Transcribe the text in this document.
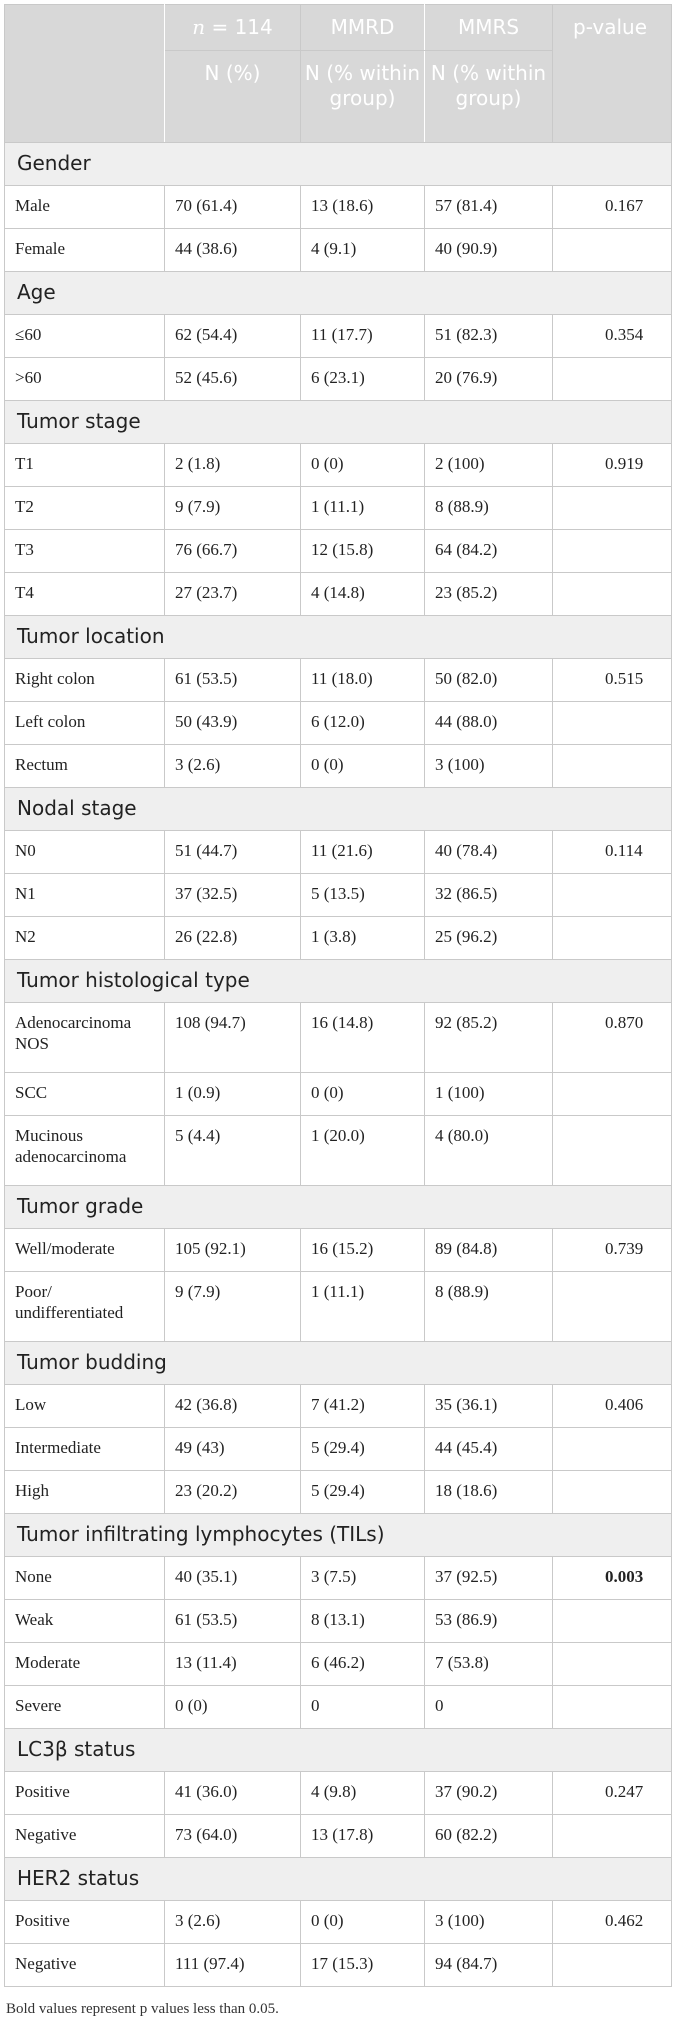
	n = 114	MMRD	MMRS	p-value
	N (%)	N (% within group)	N (% within group)	
Gender				
Male	70 (61.4)	13 (18.6)	57 (81.4)	0.167
Female	44 (38.6)	4 (9.1)	40 (90.9)	
Age				
≤60	62 (54.4)	11 (17.7)	51 (82.3)	0.354
>60	52 (45.6)	6 (23.1)	20 (76.9)	
Tumor stage				
T1	2 (1.8)	0 (0)	2 (100)	0.919
T2	9 (7.9)	1 (11.1)	8 (88.9)	
T3	76 (66.7)	12 (15.8)	64 (84.2)	
T4	27 (23.7)	4 (14.8)	23 (85.2)	
Tumor location				
Right colon	61 (53.5)	11 (18.0)	50 (82.0)	0.515
Left colon	50 (43.9)	6 (12.0)	44 (88.0)	
Rectum	3 (2.6)	0 (0)	3 (100)	
Nodal stage				
N0	51 (44.7)	11 (21.6)	40 (78.4)	0.114
N1	37 (32.5)	5 (13.5)	32 (86.5)	
N2	26 (22.8)	1 (3.8)	25 (96.2)	
Tumor histological type				
Adenocarcinoma NOS	108 (94.7)	16 (14.8)	92 (85.2)	0.870
SCC	1 (0.9)	0 (0)	1 (100)	
Mucinous adenocarcinoma	5 (4.4)	1 (20.0)	4 (80.0)	
Tumor grade				
Well/moderate	105 (92.1)	16 (15.2)	89 (84.8)	0.739
Poor/ undifferentiated	9 (7.9)	1 (11.1)	8 (88.9)	
Tumor budding				
Low	42 (36.8)	7 (41.2)	35 (36.1)	0.406
Intermediate	49 (43)	5 (29.4)	44 (45.4)	
High	23 (20.2)	5 (29.4)	18 (18.6)	
Tumor infiltrating lymphocytes (TILs)				
None	40 (35.1)	3 (7.5)	37 (92.5)	0.003
Weak	61 (53.5)	8 (13.1)	53 (86.9)	
Moderate	13 (11.4)	6 (46.2)	7 (53.8)	
Severe	0 (0)	0	0	
LC3β status				
Positive	41 (36.0)	4 (9.8)	37 (90.2)	0.247
Negative	73 (64.0)	13 (17.8)	60 (82.2)	
HER2 status				
Positive	3 (2.6)	0 (0)	3 (100)	0.462
Negative	111 (97.4)	17 (15.3)	94 (84.7)	
Bold values represent p values less than 0.05.
